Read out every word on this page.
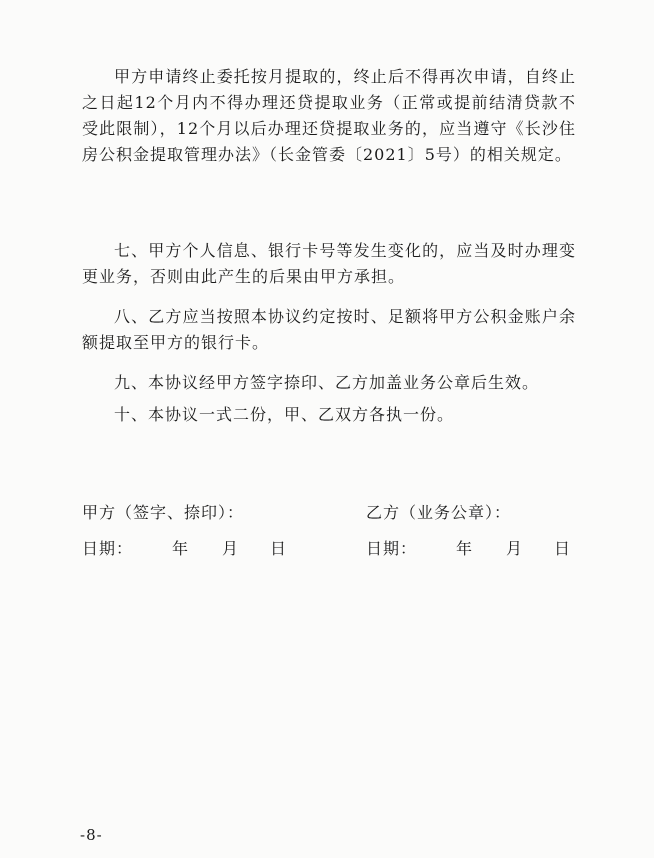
甲方申请终止委托按月提取的，终止后不得再次申请，自终止之日起12个月内不得办理还贷提取业务（正常或提前结清贷款不受此限制），12个月以后办理还贷提取业务的，应当遵守《长沙住房公积金提取管理办法》（长金管委〔2021〕5号）的相关规定。

七、甲方个人信息、银行卡号等发生变化的，应当及时办理变更业务，否则由此产生的后果由甲方承担。

八、乙方应当按照本协议约定按时、足额将甲方公积金账户余额提取至甲方的银行卡。

九、本协议经甲方签字捺印、乙方加盖业务公章后生效。

十、本协议一式二份，甲、乙双方各执一份。

甲方（签字、捺印）：	乙方（业务公章）：
日期： 年 月 日	日期： 年 月 日
-8-
